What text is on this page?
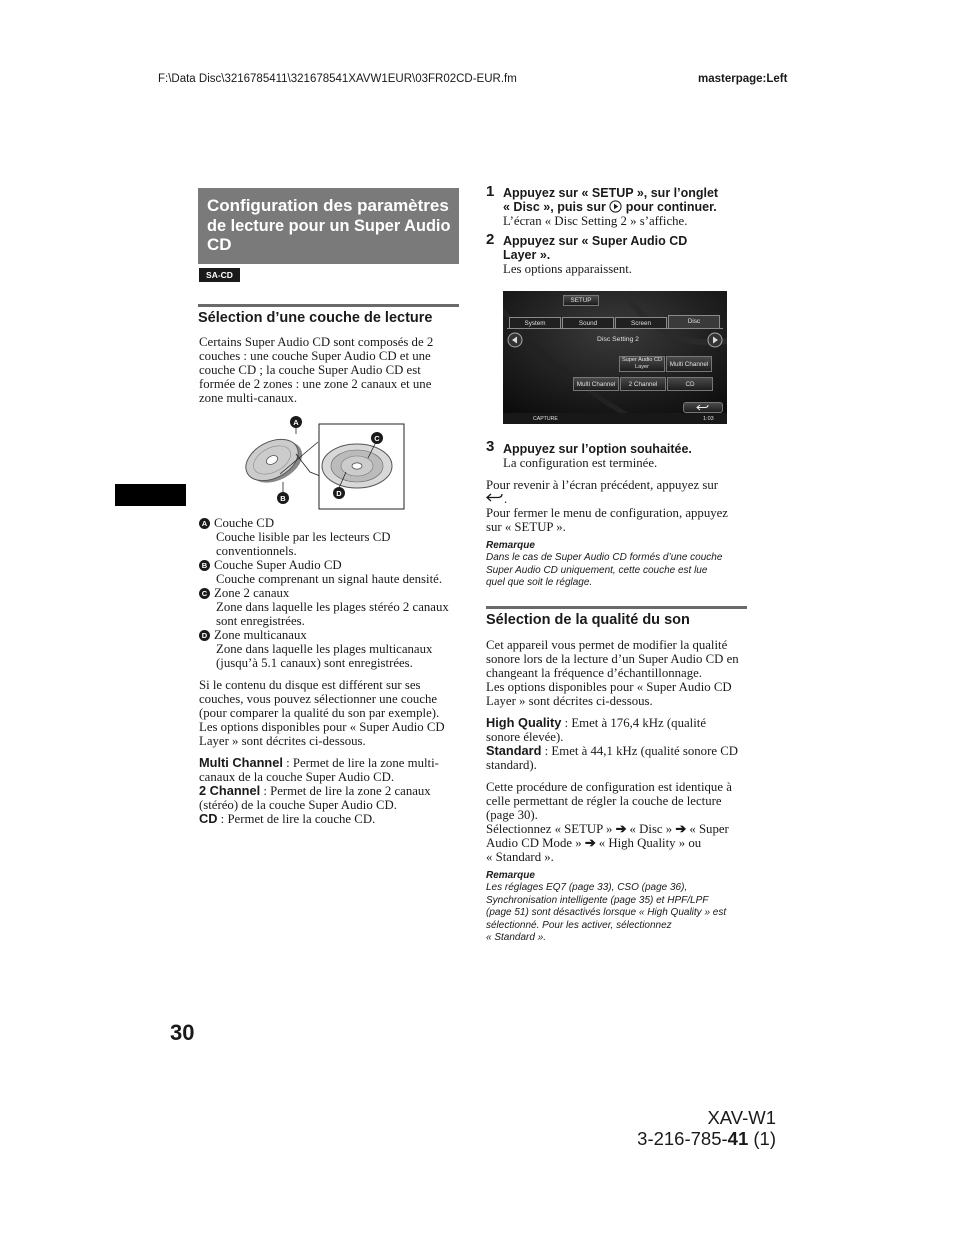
F:\Data Disc\3216785411\321678541XAVW1EUR\03FR02CD-EUR.fm	masterpage:Left
Configuration des paramètres
de lecture pour un Super Audio
CD
SA-CD
Sélection d’une couche de lecture
Certains Super Audio CD sont composés de 2
couches : une couche Super Audio CD et une
couche CD ; la couche Super Audio CD est
formée de 2 zones : une zone 2 canaux et une
zone multi-canaux.
A
B
C
D
A Couche CD
Couche lisible par les lecteurs CD
conventionnels.
B Couche Super Audio CD
Couche comprenant un signal haute densité.
C Zone 2 canaux
Zone dans laquelle les plages stéréo 2 canaux
sont enregistrées.
D Zone multicanaux
Zone dans laquelle les plages multicanaux
(jusqu’à 5.1 canaux) sont enregistrées.
Si le contenu du disque est différent sur ses
couches, vous pouvez sélectionner une couche
(pour comparer la qualité du son par exemple).
Les options disponibles pour « Super Audio CD
Layer » sont décrites ci-dessous.
Multi Channel : Permet de lire la zone multi-
canaux de la couche Super Audio CD.
2 Channel : Permet de lire la zone 2 canaux
(stéréo) de la couche Super Audio CD.
CD : Permet de lire la couche CD.
30
1 Appuyez sur « SETUP », sur l’onglet
« Disc », puis sur  pour continuer.
L’écran « Disc Setting 2 » s’affiche.
2 Appuyez sur « Super Audio CD
Layer ».
Les options apparaissent.
SETUP
System	Sound	Screen	Disc
Disc Setting 2
Super Audio CD
Layer	Multi Channel
Multi Channel	2 Channel	CD
CAPTURE	1:03
3 Appuyez sur l’option souhaitée.
La configuration est terminée.
Pour revenir à l’écran précédent, appuyez sur
.
Pour fermer le menu de configuration, appuyez
sur « SETUP ».
Remarque
Dans le cas de Super Audio CD formés d’une couche
Super Audio CD uniquement, cette couche est lue
quel que soit le réglage.
Sélection de la qualité du son
Cet appareil vous permet de modifier la qualité
sonore lors de la lecture d’un Super Audio CD en
changeant la fréquence d’échantillonnage.
Les options disponibles pour « Super Audio CD
Layer » sont décrites ci-dessous.
High Quality : Emet à 176,4 kHz (qualité
sonore élevée).
Standard : Emet à 44,1 kHz (qualité sonore CD
standard).
Cette procédure de configuration est identique à
celle permettant de régler la couche de lecture
(page 30).
Sélectionnez « SETUP » ➔ « Disc » ➔ « Super
Audio CD Mode » ➔ « High Quality » ou
« Standard ».
Remarque
Les réglages EQ7 (page 33), CSO (page 36),
Synchronisation intelligente (page 35) et HPF/LPF
(page 51) sont désactivés lorsque « High Quality » est
sélectionné. Pour les activer, sélectionnez
« Standard ».
XAV-W1
3-216-785-41 (1)
